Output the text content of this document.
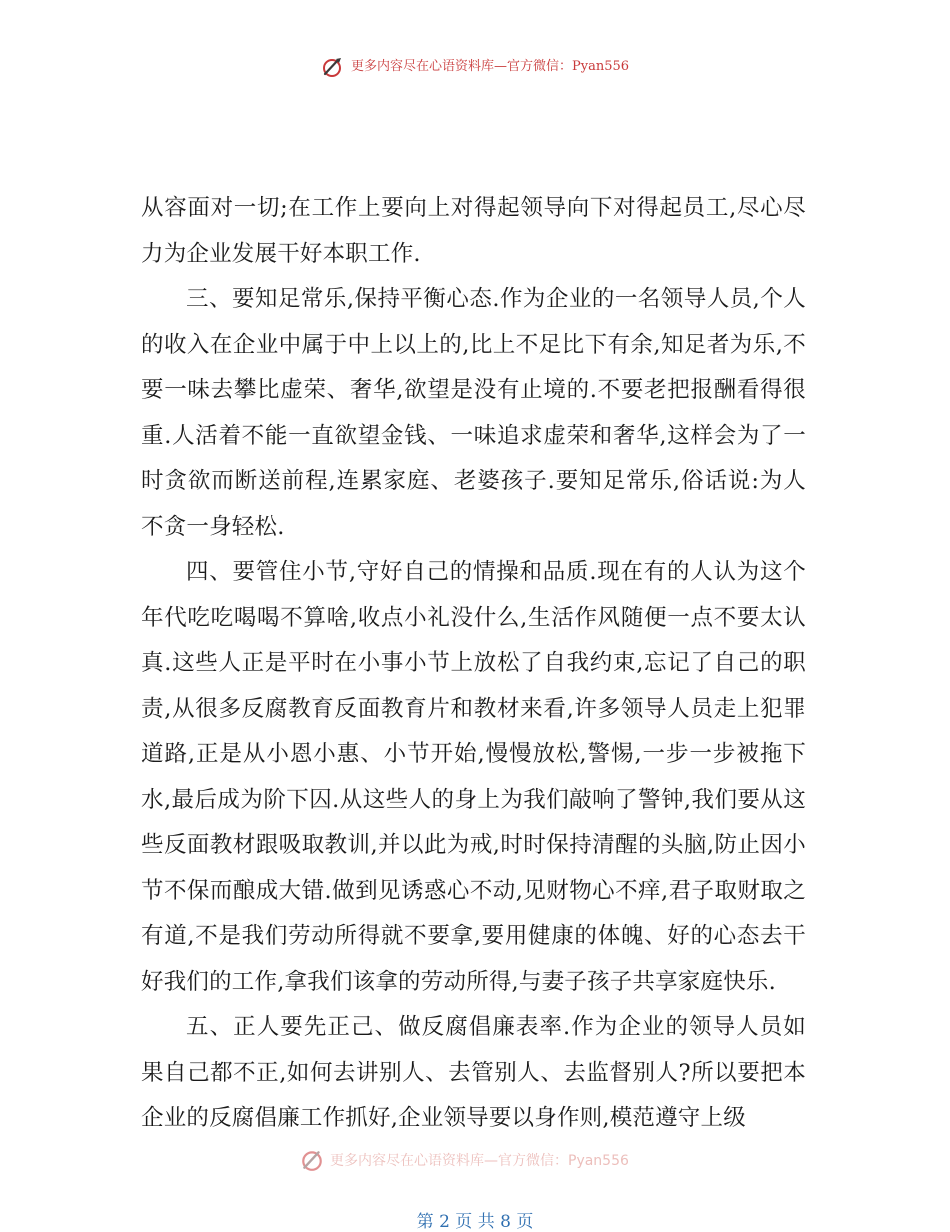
更多内容尽在心语资料库—官方微信：Pyan556

从容面对一切;在工作上要向上对得起领导向下对得起员工,尽心尽力为企业发展干好本职工作.

三、要知足常乐,保持平衡心态.作为企业的一名领导人员,个人的收入在企业中属于中上以上的,比上不足比下有余,知足者为乐,不要一味去攀比虚荣、奢华,欲望是没有止境的.不要老把报酬看得很重.人活着不能一直欲望金钱、一味追求虚荣和奢华,这样会为了一时贪欲而断送前程,连累家庭、老婆孩子.要知足常乐,俗话说:为人不贪一身轻松.

四、要管住小节,守好自己的情操和品质.现在有的人认为这个年代吃吃喝喝不算啥,收点小礼没什么,生活作风随便一点不要太认真.这些人正是平时在小事小节上放松了自我约束,忘记了自己的职责,从很多反腐教育反面教育片和教材来看,许多领导人员走上犯罪道路,正是从小恩小惠、小节开始,慢慢放松,警惕,一步一步被拖下水,最后成为阶下囚.从这些人的身上为我们敲响了警钟,我们要从这些反面教材跟吸取教训,并以此为戒,时时保持清醒的头脑,防止因小节不保而酿成大错.做到见诱惑心不动,见财物心不痒,君子取财取之有道,不是我们劳动所得就不要拿,要用健康的体魄、好的心态去干好我们的工作,拿我们该拿的劳动所得,与妻子孩子共享家庭快乐.

五、正人要先正己、做反腐倡廉表率.作为企业的领导人员如果自己都不正,如何去讲别人、去管别人、去监督别人?所以要把本企业的反腐倡廉工作抓好,企业领导要以身作则,模范遵守上级

更多内容尽在心语资料库—官方微信：Pyan556
第 2 页 共 8 页
